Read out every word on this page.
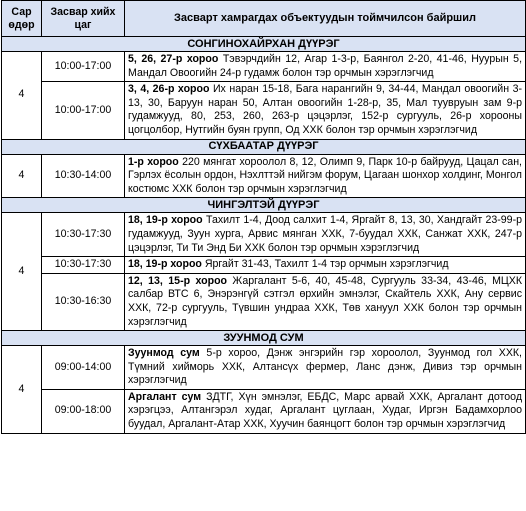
Сар өдөр	Засвар хийх цаг	Засварт хамрагдах объектуудын тоймчилсон байршил
СОНГИНОХАЙРХАН ДҮҮРЭГ		
4	10:00-17:00	5, 26, 27-р хороо Тэвэрчдийн 12, Агар 1-3-р, Баянгол 2-20, 41-46, Нуурын 5, Мандал Овоогийн 24-р гудамж болон тэр орчмын хэрэглэгчид
	10:00-17:00	3, 4, 26-р хороо Их наран 15-18, Бага нарангийн 9, 34-44, Мандал овоогийн 3-13, 30, Баруун наран 50, Алтан овоогийн 1-28-р, 35, Мал туувруын зам 9-р гудамжууд, 80, 253, 260, 263-р цэцэрлэг, 152-р сургууль, 26-р хорооны цогцолбор, Нутгийн буян групп, Од ХХК болон тэр орчмын хэрэглэгчид
СҮХБААТАР ДҮҮРЭГ		
4	10:30-14:00	1-р хороо 220 мянгат хороолол 8, 12, Олимп 9, Парк 10-р байрууд, Цацал сан, Гэрлэх ёсолын ордон, Нэхлттэй нийгэм форум, Цагаан шонхор холдинг, Монгол костюмс ХХК болон тэр орчмын хэрэглэгчид
ЧИНГЭЛТЭЙ ДҮҮРЭГ		
4	10:30-17:30	18, 19-р хороо Тахилт 1-4, Доод салхит 1-4, Яргайт 8, 13, 30, Хандгайт 23-99-р гудамжууд, Зуун хурга, Арвис мянган ХХК, 7-буудал ХХК, Санжат ХХК, 247-р цэцэрлэг, Ти Ти Энд Би ХХК болон тэр орчмын хэрэглэгчид
	10:30-17:30	18, 19-р хороо Яргайт 31-43, Тахилт 1-4 тэр орчмын хэрэглэгчид
	10:30-16:30	12, 13, 15-р хороо Жаргалант 5-6, 40, 45-48, Сургууль 33-34, 43-46, МЦХК салбар ВТС 6, Энэрэнгүй сэтгэл өрхийн эмнэлэг, Скайтель ХХК, Ану сервис ХХК, 72-р сургууль, Түвшин ундраа ХХК, Төв хануул ХХК болон тэр орчмын хэрэглэгчид
ЗУУНМОД СУМ		
4	09:00-14:00	Зуунмод сум 5-р хороо, Дэнж энгэрийн гэр хороолол, Зуунмод гол ХХК, Түмний хийморь ХХК, Алтансүх фермер, Ланс дэнж, Дивиз тэр орчмын хэрэглэгчид
	09:00-18:00	Аргалант сум ЗДТГ, Хүн эмнэлэг, ЕБДС, Марс арвай ХХК, Аргалант дотоод хэрэгцээ, Алтангэрэл худаг, Аргалант цуглаан, Худаг, Иргэн Бадамхорлоо буудал, Аргалант-Атар ХХК, Хуучин баянцогт болон тэр орчмын хэрэглэгчид
